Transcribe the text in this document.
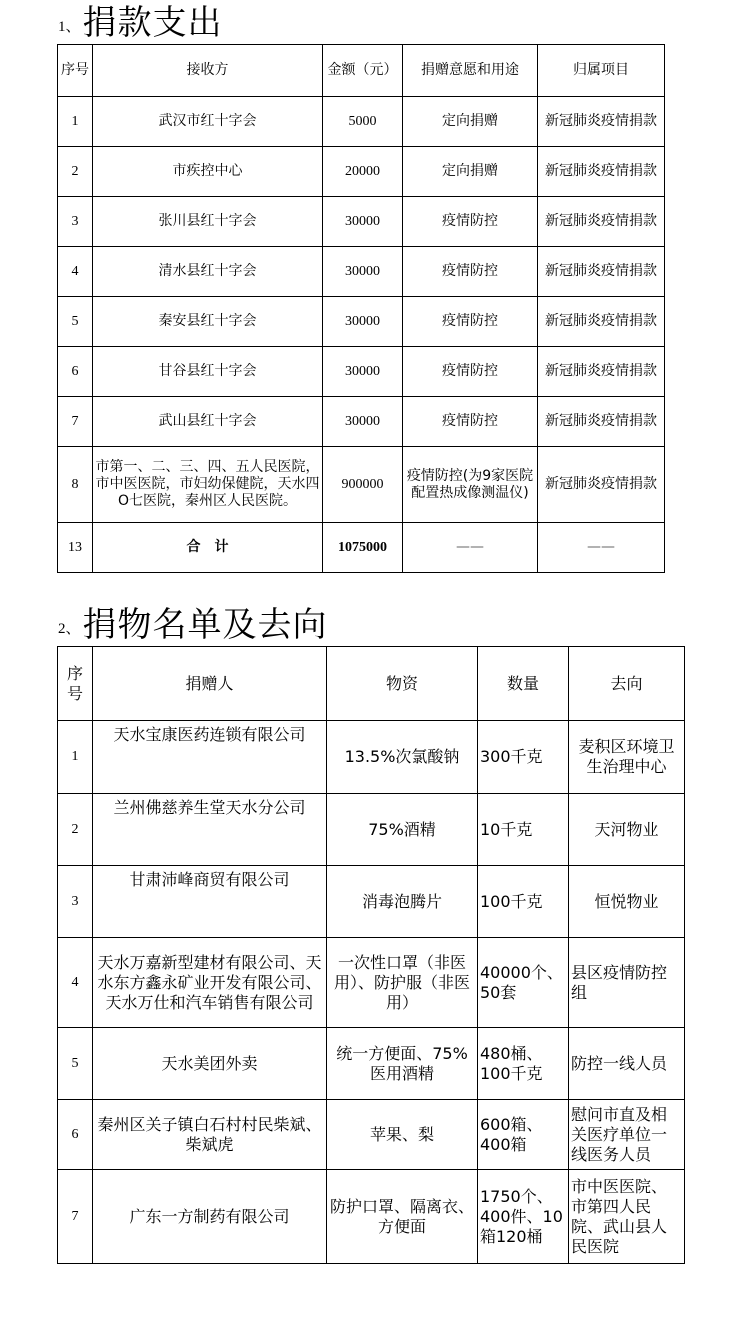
1、 捐款支出
序号	接收方	金额（元）	捐赠意愿和用途	归属项目
1	武汉市红十字会	5000	定向捐赠	新冠肺炎疫情捐款
2	市疾控中心	20000	定向捐赠	新冠肺炎疫情捐款
3	张川县红十字会	30000	疫情防控	新冠肺炎疫情捐款
4	清水县红十字会	30000	疫情防控	新冠肺炎疫情捐款
5	秦安县红十字会	30000	疫情防控	新冠肺炎疫情捐款
6	甘谷县红十字会	30000	疫情防控	新冠肺炎疫情捐款
7	武山县红十字会	30000	疫情防控	新冠肺炎疫情捐款
8	市第一、二、三、四、五人民医院，市中医医院，市妇幼保健院，天水四O七医院，秦州区人民医院。	900000	疫情防控(为9家医院配置热成像测温仪)	新冠肺炎疫情捐款
13	合　计	1075000	——	——
2、 捐物名单及去向
序号	捐赠人	物资	数量	去向
1	天水宝康医药连锁有限公司	13.5%次氯酸钠	300千克	麦积区环境卫生治理中心
2	兰州佛慈养生堂天水分公司	75%酒精	10千克	天河物业
3	甘肃沛峰商贸有限公司	消毒泡腾片	100千克	恒悦物业
4	天水万嘉新型建材有限公司、天水东方鑫永矿业开发有限公司、天水万仕和汽车销售有限公司	一次性口罩（非医用）、防护服（非医用）	40000个、50套	县区疫情防控组
5	天水美团外卖	统一方便面、75%医用酒精	480桶、100千克	防控一线人员
6	秦州区关子镇白石村村民柴斌、柴斌虎	苹果、梨	600箱、400箱	慰问市直及相关医疗单位一线医务人员
7	广东一方制药有限公司	防护口罩、隔离衣、方便面	1750个、400件、10箱120桶	市中医医院、市第四人民院、武山县人民医院
